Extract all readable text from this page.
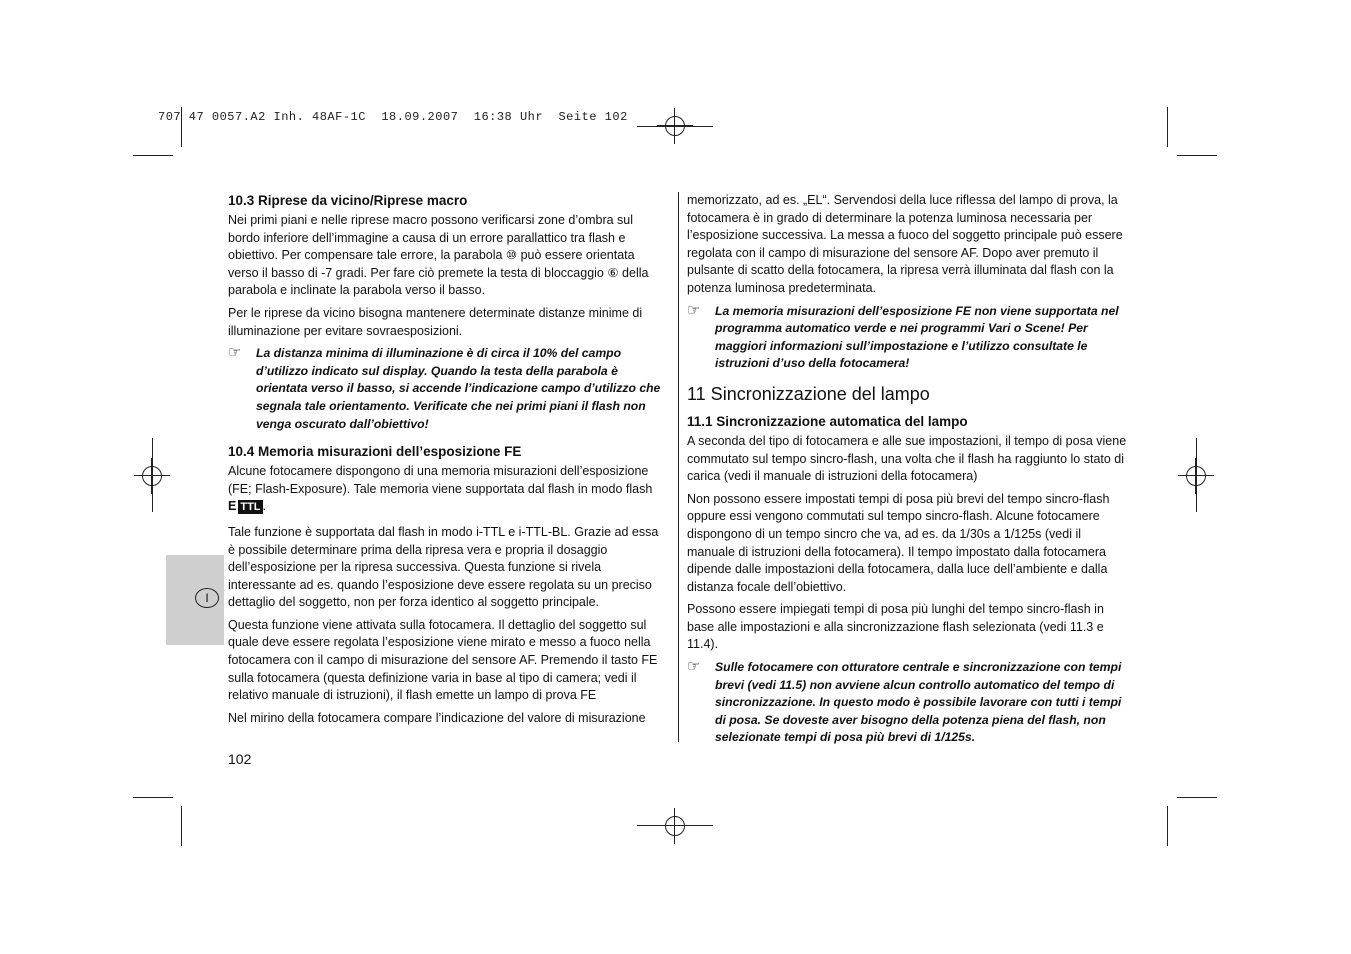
707 47 0057.A2 Inh. 48AF-1C  18.09.2007  16:38 Uhr  Seite 102
I
10.3 Riprese da vicino/Riprese macro

Nei primi piani e nelle riprese macro possono verificarsi zone d’ombra sul bordo inferiore dell’immagine a causa di un errore parallattico tra flash e obiettivo. Per compensare tale errore, la parabola ⑩ può essere orientata verso il basso di -7 gradi. Per fare ciò premete la testa di bloccaggio ⑥ della parabola e inclinate la parabola verso il basso.

Per le riprese da vicino bisogna mantenere determinate distanze minime di illuminazione per evitare sovraesposizioni.

☞ La distanza minima di illuminazione è di circa il 10% del campo d’utilizzo indicato sul display. Quando la testa della parabola è orientata verso il basso, si accende l’indicazione campo d’utilizzo che segnala tale orientamento. Verificate che nei primi piani il flash non venga oscurato dall’obiettivo!
10.4 Memoria misurazioni dell’esposizione FE

Alcune fotocamere dispongono di una memoria misurazioni dell’esposizione (FE; Flash-Exposure). Tale memoria viene supportata dal flash in modo flash

E TTL .

Tale funzione è supportata dal flash in modo i-TTL e i-TTL-BL. Grazie ad essa è possibile determinare prima della ripresa vera e propria il dosaggio dell’esposizione per la ripresa successiva. Questa funzione si rivela interessante ad es. quando l’esposizione deve essere regolata su un preciso dettaglio del soggetto, non per forza identico al soggetto principale.

Questa funzione viene attivata sulla fotocamera. Il dettaglio del soggetto sul quale deve essere regolata l’esposizione viene mirato e messo a fuoco nella fotocamera con il campo di misurazione del sensore AF. Premendo il tasto FE sulla fotocamera (questa definizione varia in base al tipo di camera; vedi il relativo manuale di istruzioni), il flash emette un lampo di prova FE

Nel mirino della fotocamera compare l’indicazione del valore di misurazione

memorizzato, ad es. „EL“. Servendosi della luce riflessa del lampo di prova, la fotocamera è in grado di determinare la potenza luminosa necessaria per l’esposizione successiva. La messa a fuoco del soggetto principale può essere regolata con il campo di misurazione del sensore AF. Dopo aver premuto il pulsante di scatto della fotocamera, la ripresa verrà illuminata dal flash con la potenza luminosa predeterminata.

☞ La memoria misurazioni dell’esposizione FE non viene supportata nel programma automatico verde e nei programmi Vari o Scene! Per maggiori informazioni sull’impostazione e l’utilizzo consultate le istruzioni d’uso della fotocamera!
11 Sincronizzazione del lampo
11.1 Sincronizzazione automatica del lampo

A seconda del tipo di fotocamera e alle sue impostazioni, il tempo di posa viene commutato sul tempo sincro-flash, una volta che il flash ha raggiunto lo stato di carica (vedi il manuale di istruzioni della fotocamera)

Non possono essere impostati tempi di posa più brevi del tempo sincro-flash oppure essi vengono commutati sul tempo sincro-flash. Alcune fotocamere dispongono di un tempo sincro che va, ad es. da 1/30s a 1/125s (vedi il manuale di istruzioni della fotocamera). Il tempo impostato dalla fotocamera dipende dalle impostazioni della fotocamera, dalla luce dell’ambiente e dalla distanza focale dell’obiettivo.

Possono essere impiegati tempi di posa più lunghi del tempo sincro-flash in base alle impostazioni e alla sincronizzazione flash selezionata (vedi 11.3 e 11.4).

☞ Sulle fotocamere con otturatore centrale e sincronizzazione con tempi brevi (vedi 11.5) non avviene alcun controllo automatico del tempo di sincronizzazione. In questo modo è possibile lavorare con tutti i tempi di posa. Se doveste aver bisogno della potenza piena del flash, non selezionate tempi di posa più brevi di 1/125s.
102
